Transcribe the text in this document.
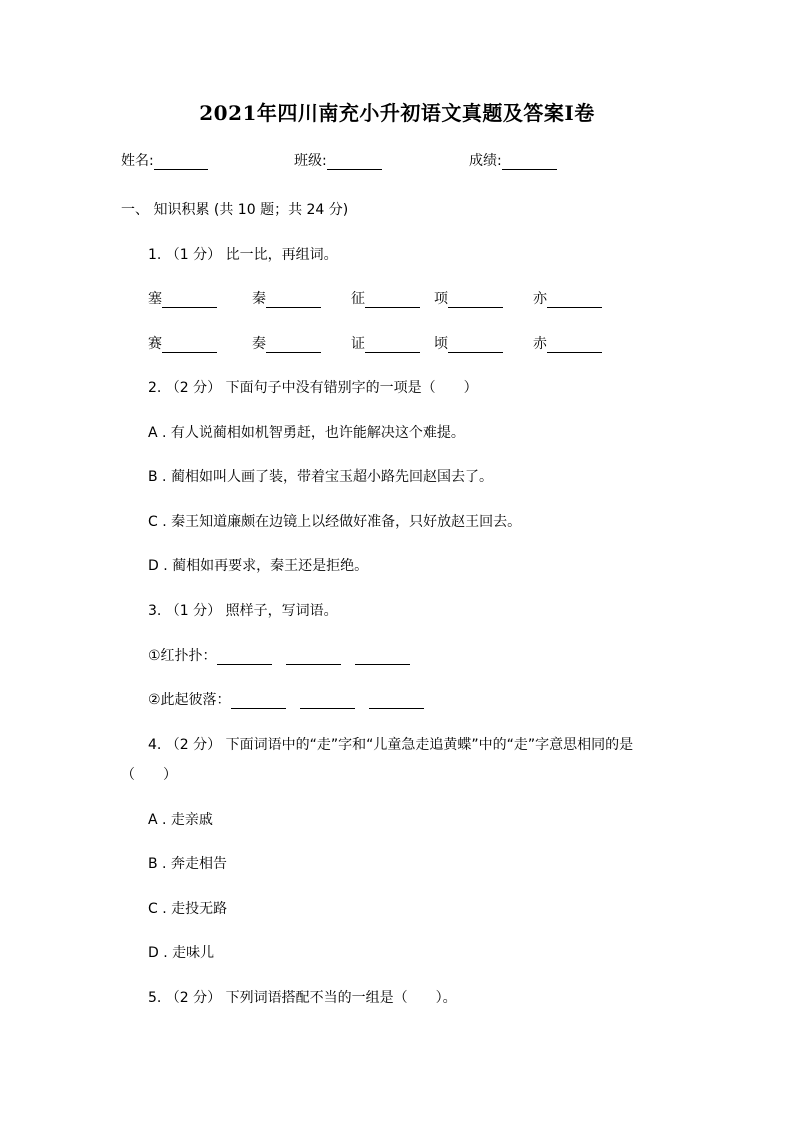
2021年四川南充小升初语文真题及答案Ⅰ卷
姓名:	班级:	成绩:
一、 知识积累 (共 10 题；共 24 分)
1. （1 分） 比一比，再组词。
塞	秦	征	项	亦
赛	奏	证	顷	赤
2. （2 分） 下面句子中没有错别字的一项是（　　）
A . 有人说蔺相如机智勇赶，也许能解决这个难提。
B . 蔺相如叫人画了装，带着宝玉超小路先回赵国去了。
C . 秦王知道廉颇在边镜上以经做好准备，只好放赵王回去。
D . 蔺相如再要求，秦王还是拒绝。
3. （1 分） 照样子，写词语。
①红扑扑：
②此起彼落：
4. （2 分） 下面词语中的“走”字和“儿童急走追黄蝶”中的“走”字意思相同的是
（　　）
A . 走亲戚
B . 奔走相告
C . 走投无路
D . 走味儿
5. （2 分） 下列词语搭配不当的一组是（　　）。
